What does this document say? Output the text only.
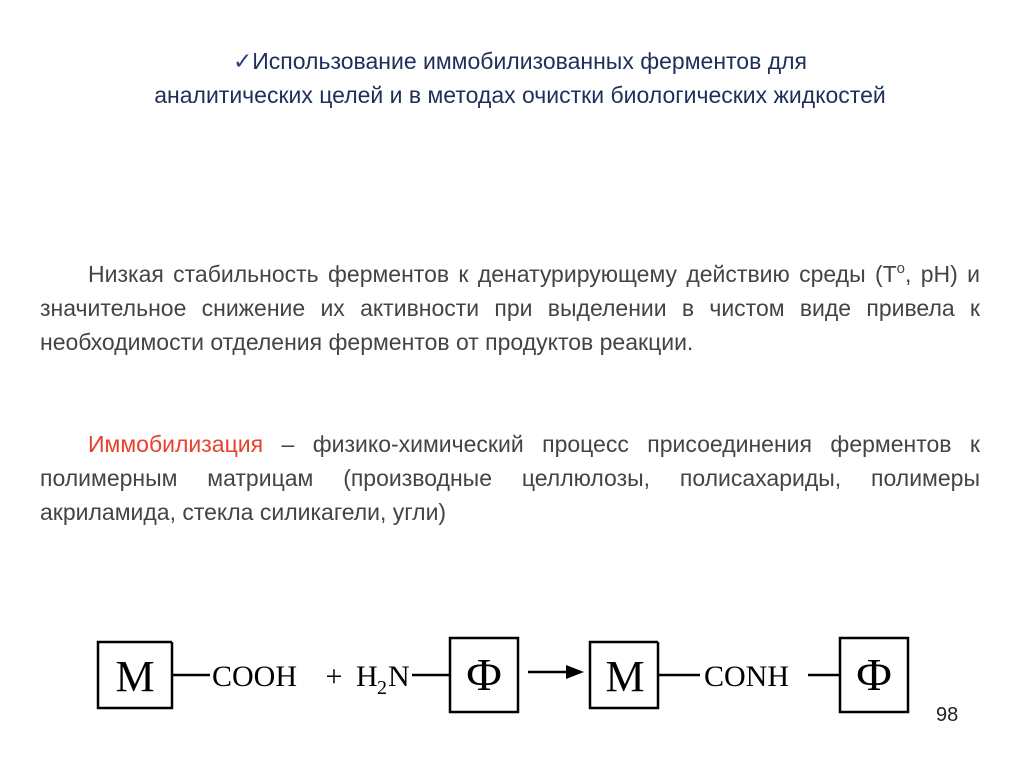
✓Использование иммобилизованных ферментов для
аналитических целей и в методах очистки биологических жидкостей
Низкая стабильность ферментов к денатурирующему действию среды ($Т^о$, рН) и значительное снижение их активности при выделении в чистом виде привела к необходимости отделения ферментов от продуктов реакции.
Иммобилизация – физико-химический процесс присоединения ферментов к полимерным матрицам (производные целлюлозы, полисахариды, полимеры акриламида, стекла силикагели, угли)
М COOH + H 2 N Ф М CONH Ф
98
